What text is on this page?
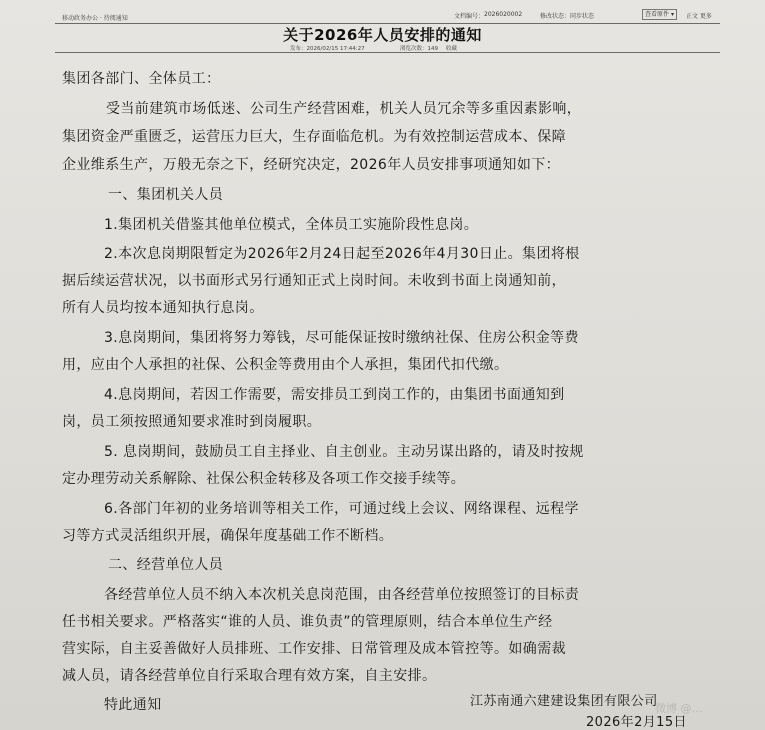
移动政务办公 · 待阅通知	文档编号： 2026020002	修改状态： 同步状态	查看原件 ▾	正文 更多
关于2026年人员安排的通知
发布：2026/02/15 17:44:27	浏览次数：149 收藏
集团各部门、全体员工：
受当前建筑市场低迷、公司生产经营困难，机关人员冗余等多重因素影响，
集团资金严重匮乏，运营压力巨大，生存面临危机。为有效控制运营成本、保障
企业维系生产，万般无奈之下，经研究决定，2026年人员安排事项通知如下：
一、集团机关人员
1.集团机关借鉴其他单位模式，全体员工实施阶段性息岗。
2.本次息岗期限暂定为2026年2月24日起至2026年4月30日止。集团将根
据后续运营状况，以书面形式另行通知正式上岗时间。未收到书面上岗通知前，
所有人员均按本通知执行息岗。
3.息岗期间，集团将努力筹钱，尽可能保证按时缴纳社保、住房公积金等费
用，应由个人承担的社保、公积金等费用由个人承担，集团代扣代缴。
4.息岗期间，若因工作需要，需安排员工到岗工作的，由集团书面通知到
岗，员工须按照通知要求准时到岗履职。
5. 息岗期间，鼓励员工自主择业、自主创业。主动另谋出路的，请及时按规
定办理劳动关系解除、社保公积金转移及各项工作交接手续等。
6.各部门年初的业务培训等相关工作，可通过线上会议、网络课程、远程学
习等方式灵活组织开展，确保年度基础工作不断档。
二、经营单位人员
各经营单位人员不纳入本次机关息岗范围，由各经营单位按照签订的目标责
任书相关要求。严格落实“谁的人员、谁负责”的管理原则，结合本单位生产经
营实际，自主妥善做好人员排班、工作安排、日常管理及成本管控等。如确需裁
减人员，请各经营单位自行采取合理有效方案，自主安排。
特此通知	江苏南通六建建设集团有限公司
2026年2月15日
微博 @…
